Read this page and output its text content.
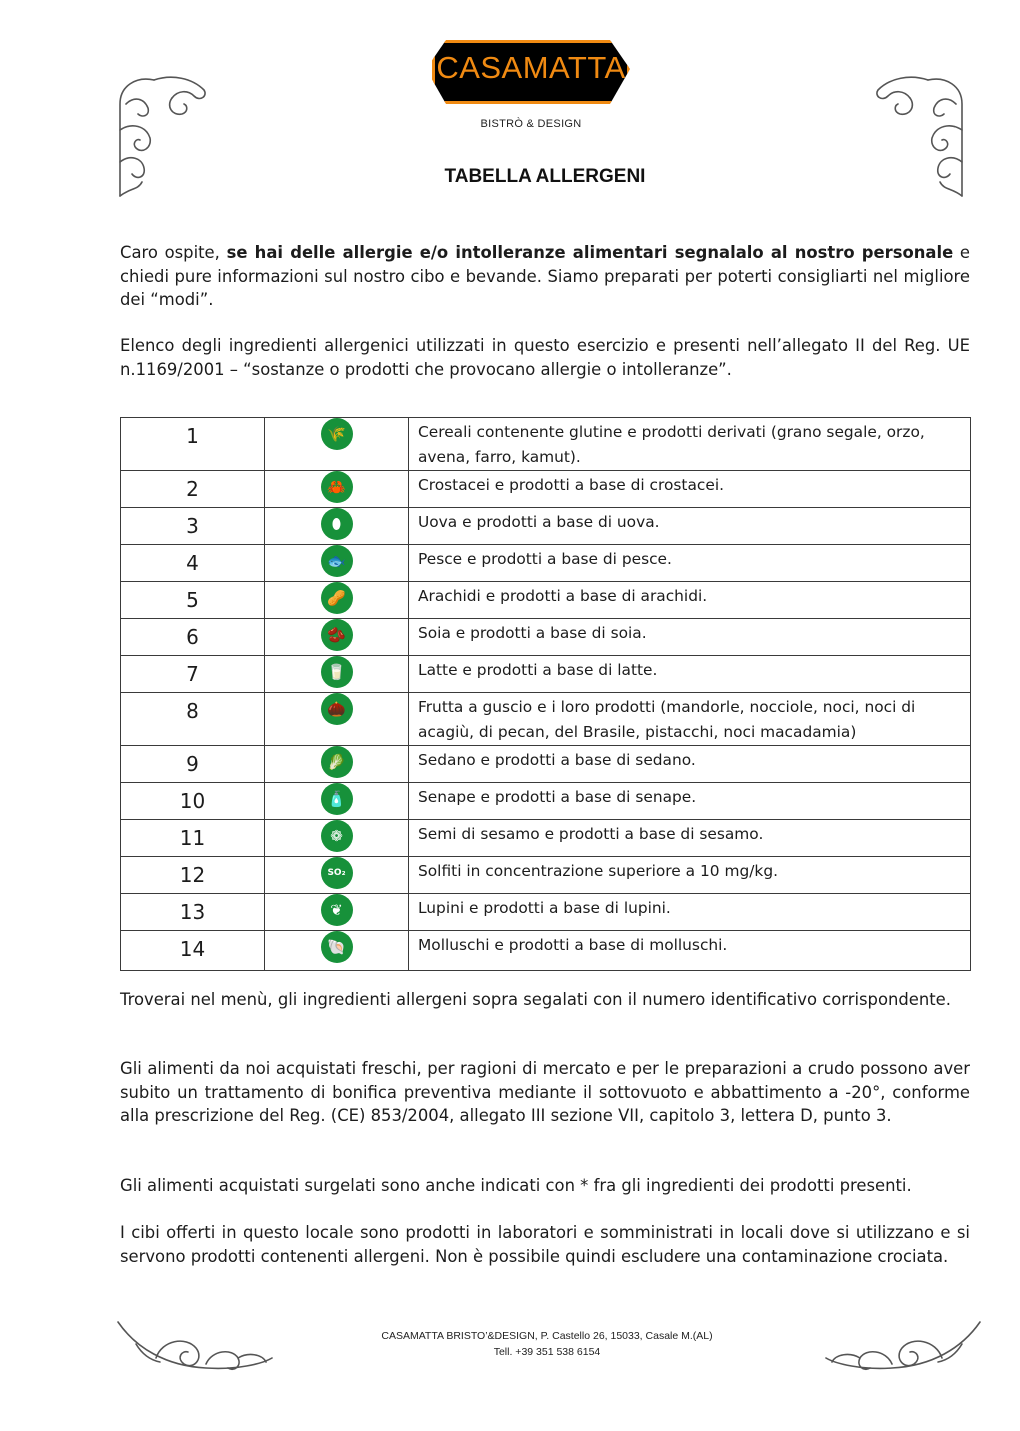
CASAMATTA
BISTRÒ & DESIGN
TABELLA ALLERGENI
Caro ospite, se hai delle allergie e/o intolleranze alimentari segnalalo al nostro personale e chiedi pure informazioni sul nostro cibo e bevande. Siamo preparati per poterti consigliarti nel migliore dei “modi”.
Elenco degli ingredienti allergenici utilizzati in questo esercizio e presenti nell’allegato II del Reg. UE n.1169/2001 – “sostanze o prodotti che provocano allergie o intolleranze”.
1	🌾	Cereali contenente glutine e prodotti derivati (grano segale, orzo, avena, farro, kamut).
2	🦀	Crostacei e prodotti a base di crostacei.
3	⬮	Uova e prodotti a base di uova.
4	🐟	Pesce e prodotti a base di pesce.
5	🥜	Arachidi e prodotti a base di arachidi.
6	🫘	Soia e prodotti a base di soia.
7	🥛	Latte e prodotti a base di latte.
8	🌰	Frutta a guscio e i loro prodotti (mandorle, nocciole, noci, noci di acagiù, di pecan, del Brasile, pistacchi, noci macadamia)
9	🥬	Sedano e prodotti a base di sedano.
10	🧴	Senape e prodotti a base di senape.
11	❁	Semi di sesamo e prodotti a base di sesamo.
12	SO₂	Solfiti in concentrazione superiore a 10 mg/kg.
13	❦	Lupini e prodotti a base di lupini.
14	🐚	Molluschi e prodotti a base di molluschi.
Troverai nel menù, gli ingredienti allergeni sopra segalati con il numero identificativo corrispondente.
Gli alimenti da noi acquistati freschi, per ragioni di mercato e per le preparazioni a crudo possono aver subito un trattamento di bonifica preventiva mediante il sottovuoto e abbattimento a -20°, conforme alla prescrizione del Reg. (CE) 853/2004, allegato III sezione VII, capitolo 3, lettera D, punto 3.
Gli alimenti acquistati surgelati sono anche indicati con * fra gli ingredienti dei prodotti presenti.
I cibi offerti in questo locale sono prodotti in laboratori e somministrati in locali dove si utilizzano e si servono prodotti contenenti allergeni. Non è possibile quindi escludere una contaminazione crociata.
CASAMATTA BRISTO’&DESIGN, P. Castello 26, 15033, Casale M.(AL)
Tell. +39 351 538 6154
